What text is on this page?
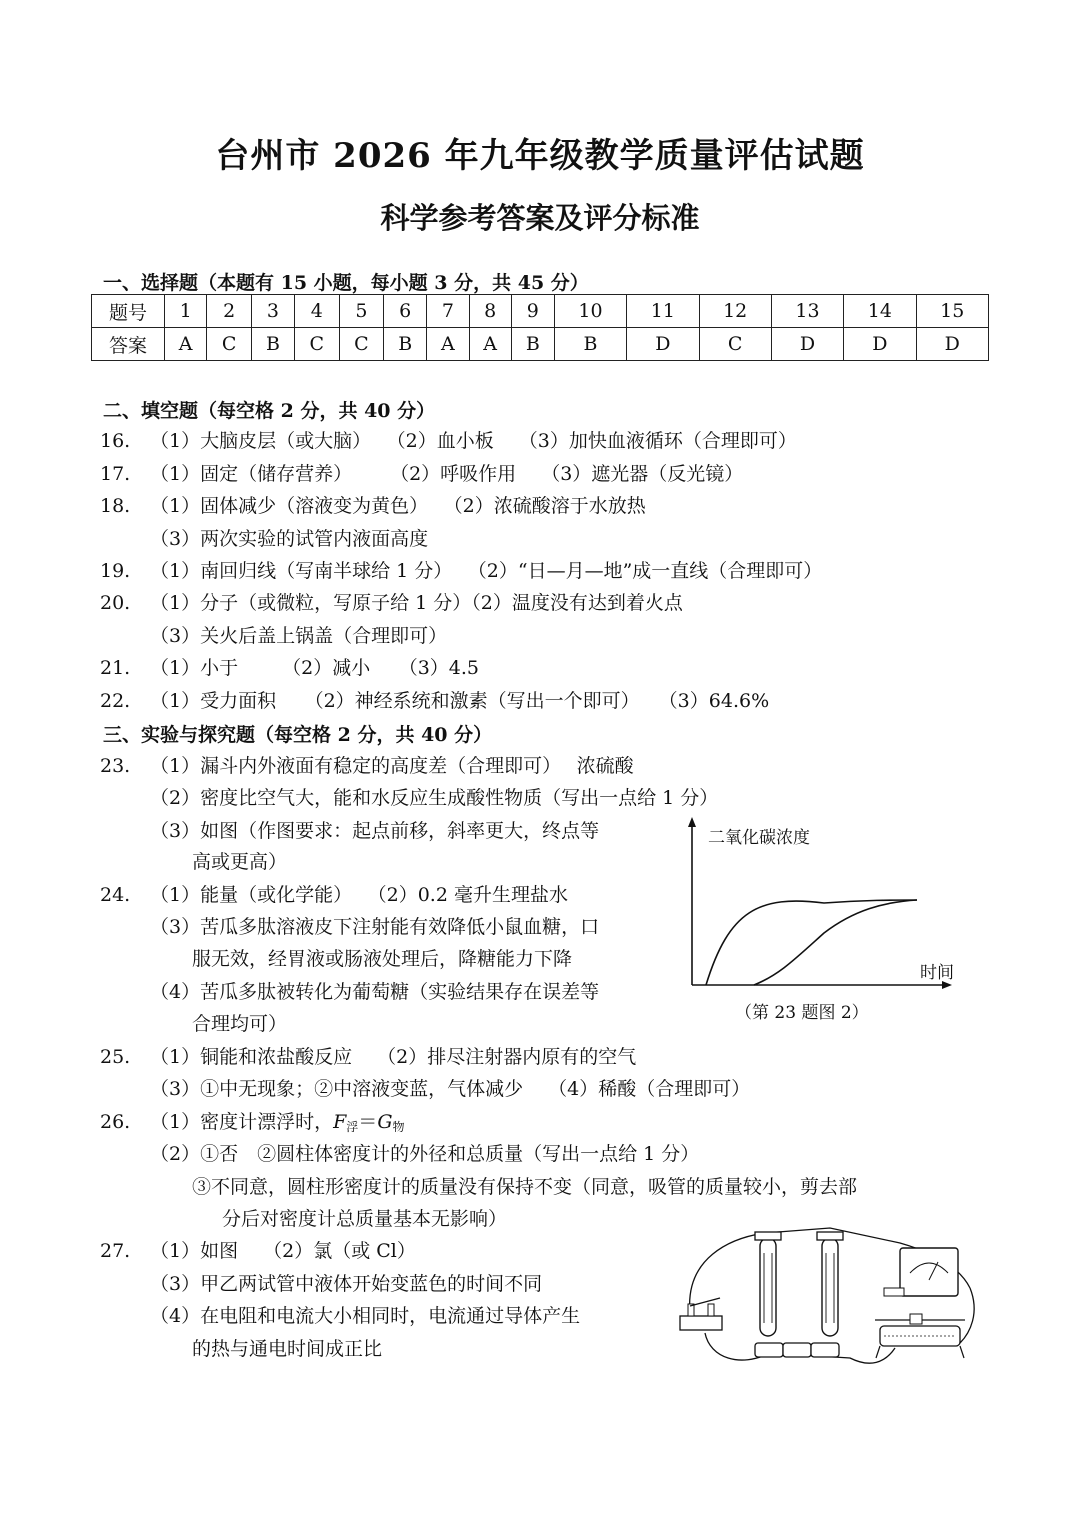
台州市 2026 年九年级教学质量评估试题
科学参考答案及评分标准
一、选择题（本题有 15 小题，每小题 3 分，共 45 分）
题号	1	2	3	4	5	6	7	8	9	10	11	12	13	14	15
答案	A	C	B	C	C	B	A	A	B	B	D	C	D	D	D
二、填空题（每空格 2 分，共 40 分）
16. （1）大脑皮层（或大脑）　 （2）血小板　 （3）加快血液循环（合理即可）
17. （1）固定（储存营养）　　　（2）呼吸作用　 （3）遮光器（反光镜）
18. （1）固体减少（溶液变为黄色）　 （2）浓硫酸溶于水放热
（3）两次实验的试管内液面高度
19. （1）南回归线（写南半球给 1 分）　 （2）“日—月—地”成一直线（合理即可）
20. （1）分子（或微粒，写原子给 1 分）（2）温度没有达到着火点
（3）关火后盖上锅盖（合理即可）
21. （1）小于　　 （2）减小　　（3）4.5
22. （1）受力面积　　（2）神经系统和激素（写出一个即可）　　（3）64.6%
三、实验与探究题（每空格 2 分，共 40 分）
23. （1）漏斗内外液面有稳定的高度差（合理即可）　 浓硫酸
（2）密度比空气大，能和水反应生成酸性物质（写出一点给 1 分）
（3）如图（作图要求：起点前移，斜率更大，终点等
高或更高）
24. （1）能量（或化学能）　 （2）0.2 毫升生理盐水
（3）苦瓜多肽溶液皮下注射能有效降低小鼠血糖，口
服无效，经胃液或肠液处理后，降糖能力下降
（4）苦瓜多肽被转化为葡萄糖（实验结果存在误差等
合理均可）
25. （1）铜能和浓盐酸反应　 （2）排尽注射器内原有的空气
（3）①中无现象；②中溶液变蓝，气体减少　 （4）稀酸（合理即可）
26. （1）密度计漂浮时，$F_浮=G_物$
（2）①否　②圆柱体密度计的外径和总质量（写出一点给 1 分）
③不同意，圆柱形密度计的质量没有保持不变（同意，吸管的质量较小，剪去部
分后对密度计总质量基本无影响）
27. （1）如图　 （2）氯（或 Cl）
（3）甲乙两试管中液体开始变蓝色的时间不同
（4）在电阻和电流大小相同时，电流通过导体产生
的热与通电时间成正比
二氧化碳浓度
时间
（第 23 题图 2）
